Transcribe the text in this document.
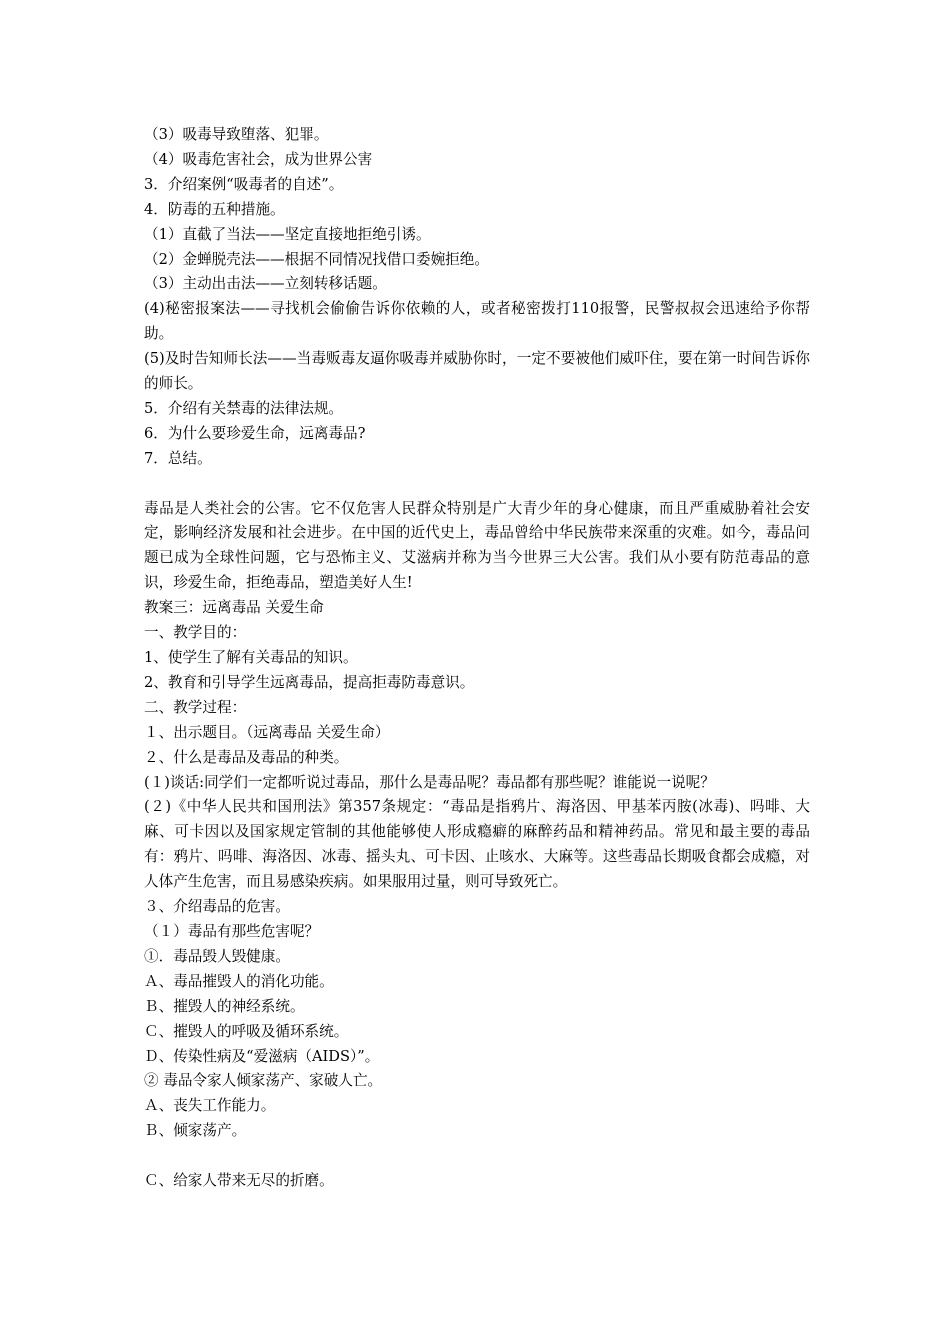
（3）吸毒导致堕落、犯罪。
（4）吸毒危害社会，成为世界公害
3．介绍案例“吸毒者的自述”。
4．防毒的五种措施。
（1）直截了当法——坚定直接地拒绝引诱。
（2）金蝉脱壳法——根据不同情况找借口委婉拒绝。
（3）主动出击法——立刻转移话题。
(4)秘密报案法——寻找机会偷偷告诉你依赖的人，或者秘密拨打110报警，民警叔叔会迅速给予你帮助。
(5)及时告知师长法——当毒贩毒友逼你吸毒并威胁你时，一定不要被他们威吓住，要在第一时间告诉你的师长。
5．介绍有关禁毒的法律法规。
6．为什么要珍爱生命，远离毒品?
7．总结。
毒品是人类社会的公害。它不仅危害人民群众特别是广大青少年的身心健康，而且严重威胁着社会安定，影响经济发展和社会进步。在中国的近代史上，毒品曾给中华民族带来深重的灾难。如今，毒品问题已成为全球性问题，它与恐怖主义、艾滋病并称为当今世界三大公害。我们从小要有防范毒品的意识，珍爱生命，拒绝毒品，塑造美好人生!
教案三：远离毒品 关爱生命
一、教学目的：
1、使学生了解有关毒品的知识。
2、教育和引导学生远离毒品，提高拒毒防毒意识。
二、教学过程：
１、出示题目。（远离毒品 关爱生命）
２、什么是毒品及毒品的种类。
(１)谈话:同学们一定都听说过毒品，那什么是毒品呢？毒品都有那些呢？谁能说一说呢？
(２)《中华人民共和国刑法》第357条规定：“毒品是指鸦片、海洛因、甲基苯丙胺(冰毒)、吗啡、大麻、可卡因以及国家规定管制的其他能够使人形成瘾癖的麻醉药品和精神药品。常见和最主要的毒品有：鸦片、吗啡、海洛因、冰毒、摇头丸、可卡因、止咳水、大麻等。这些毒品长期吸食都会成瘾，对人体产生危害，而且易感染疾病。如果服用过量，则可导致死亡。
３、介绍毒品的危害。
（１）毒品有那些危害呢？
①．毒品毁人毁健康。
Ａ、毒品摧毁人的消化功能。
Ｂ、摧毁人的神经系统。
Ｃ、摧毁人的呼吸及循环系统。
Ｄ、传染性病及“爱滋病（AIDS）”。
② 毒品令家人倾家荡产、家破人亡。
Ａ、丧失工作能力。
Ｂ、倾家荡产。
Ｃ、给家人带来无尽的折磨。
